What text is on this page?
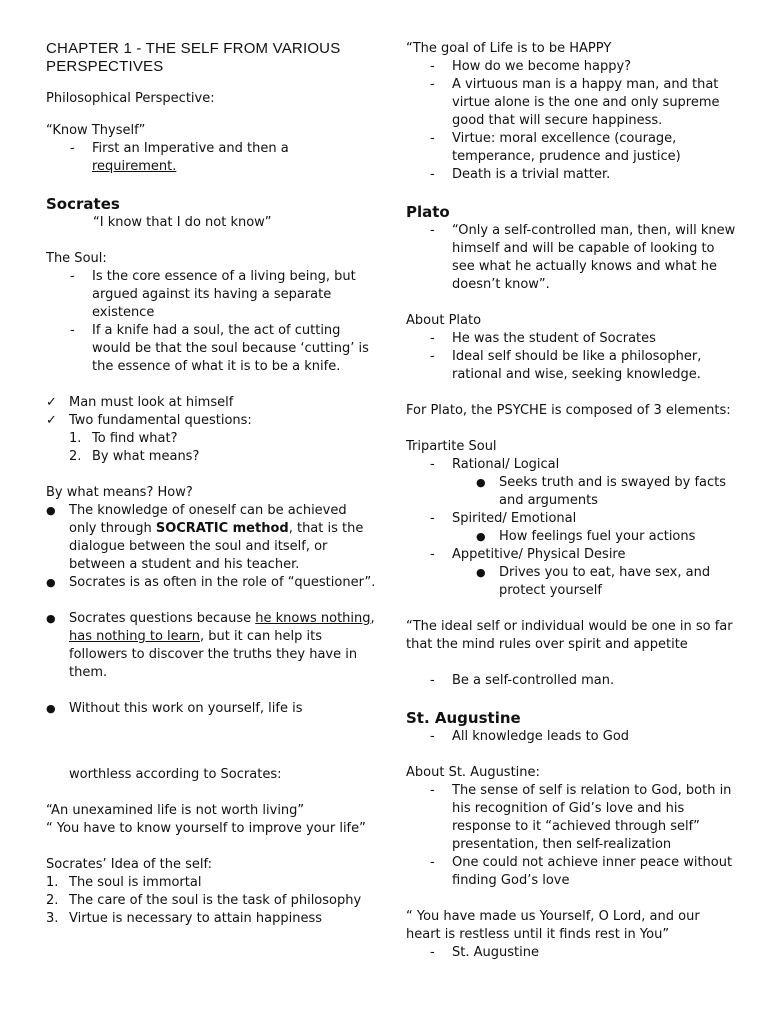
CHAPTER 1 - THE SELF FROM VARIOUS
PERSPECTIVES

Philosophical Perspective:

“Know Thyself”

- First an Imperative and then a
requirement.

Socrates

“I know that I do not know”

The Soul:

- Is the core essence of a living being, but argued against its having a separate existence
- If a knife had a soul, the act of cutting would be that the soul because ‘cutting’ is the essence of what it is to be a knife.
✓ Man must look at himself
✓ Two fundamental questions:
1. To find what?
2. By what means?

By what means? How?

● The knowledge of oneself can be achieved only through SOCRATIC method, that is the dialogue between the soul and itself, or between a student and his teacher.
● Socrates is as often in the role of “questioner”.
● Socrates questions because he knows nothing, has nothing to learn, but it can help its followers to discover the truths they have in them.
● Without this work on yourself, life is

worthless according to Socrates:

“An unexamined life is not worth living”

“ You have to know yourself to improve your life”

Socrates’ Idea of the self:

1. The soul is immortal
2. The care of the soul is the task of philosophy
3. Virtue is necessary to attain happiness

“The goal of Life is to be HAPPY

- How do we become happy?
- A virtuous man is a happy man, and that virtue alone is the one and only supreme good that will secure happiness.
- Virtue: moral excellence (courage, temperance, prudence and justice)
- Death is a trivial matter.

Plato

- “Only a self-controlled man, then, will knew himself and will be capable of looking to see what he actually knows and what he doesn’t know”.

About Plato

- He was the student of Socrates
- Ideal self should be like a philosopher, rational and wise, seeking knowledge.

For Plato, the PSYCHE is composed of 3 elements:

Tripartite Soul

- Rational/ Logical
● Seeks truth and is swayed by facts and arguments
- Spirited/ Emotional
● How feelings fuel your actions
- Appetitive/ Physical Desire
● Drives you to eat, have sex, and protect yourself

“The ideal self or individual would be one in so far that the mind rules over spirit and appetite

- Be a self-controlled man.

St. Augustine

- All knowledge leads to God

About St. Augustine:

- The sense of self is relation to God, both in his recognition of Gid’s love and his response to it “achieved through self” presentation, then self-realization
- One could not achieve inner peace without finding God’s love

“ You have made us Yourself, O Lord, and our heart is restless until it finds rest in You”

- St. Augustine
